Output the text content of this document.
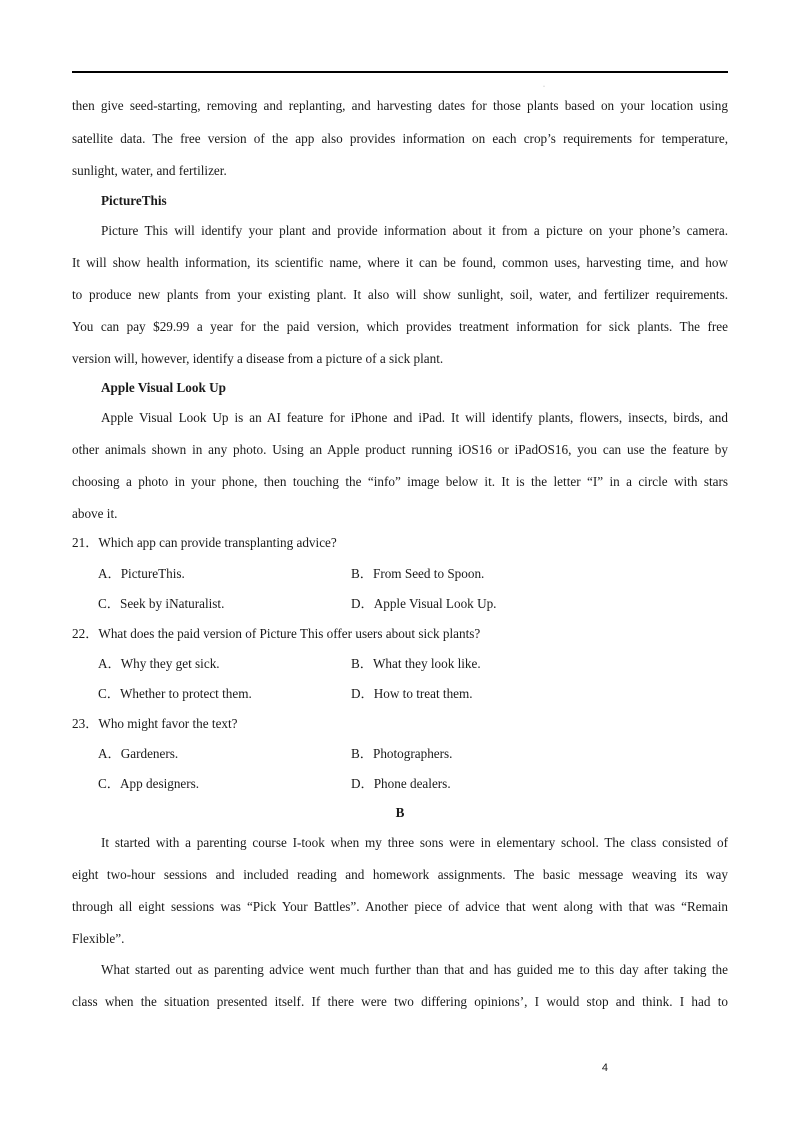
·
then give seed-starting, removing and replanting, and harvesting dates for those plants based on your location using
satellite data. The free version of the app also provides information on each crop’s requirements for temperature,
sunlight, water, and fertilizer.
PictureThis
Picture This will identify your plant and provide information about it from a picture on your phone’s camera.
It will show health information, its scientific name, where it can be found, common uses, harvesting time, and how
to produce new plants from your existing plant. It also will show sunlight, soil, water, and fertilizer requirements.
You can pay $29.99 a year for the paid version, which provides treatment information for sick plants. The free
version will, however, identify a disease from a picture of a sick plant.
Apple Visual Look Up
Apple Visual Look Up is an AI feature for iPhone and iPad. It will identify plants, flowers, insects, birds, and
other animals shown in any photo. Using an Apple product running iOS16 or iPadOS16, you can use the feature by
choosing a photo in your phone, then touching the “info” image below it. It is the letter “I” in a circle with stars
above it.
21．Which app can provide transplanting advice?
A．PictureThis.	B．From Seed to Spoon.
C．Seek by iNaturalist.	D．Apple Visual Look Up.
22．What does the paid version of Picture This offer users about sick plants?
A．Why they get sick.	B．What they look like.
C．Whether to protect them.	D．How to treat them.
23．Who might favor the text?
A．Gardeners.	B．Photographers.
C．App designers.	D．Phone dealers.
B
It started with a parenting course I-took when my three sons were in elementary school. The class consisted of
eight two-hour sessions and included reading and homework assignments. The basic message weaving its way
through all eight sessions was “Pick Your Battles”. Another piece of advice that went along with that was “Remain
Flexible”.
What started out as parenting advice went much further than that and has guided me to this day after taking the
class when the situation presented itself. If there were two differing opinions’, I would stop and think. I had to
4
